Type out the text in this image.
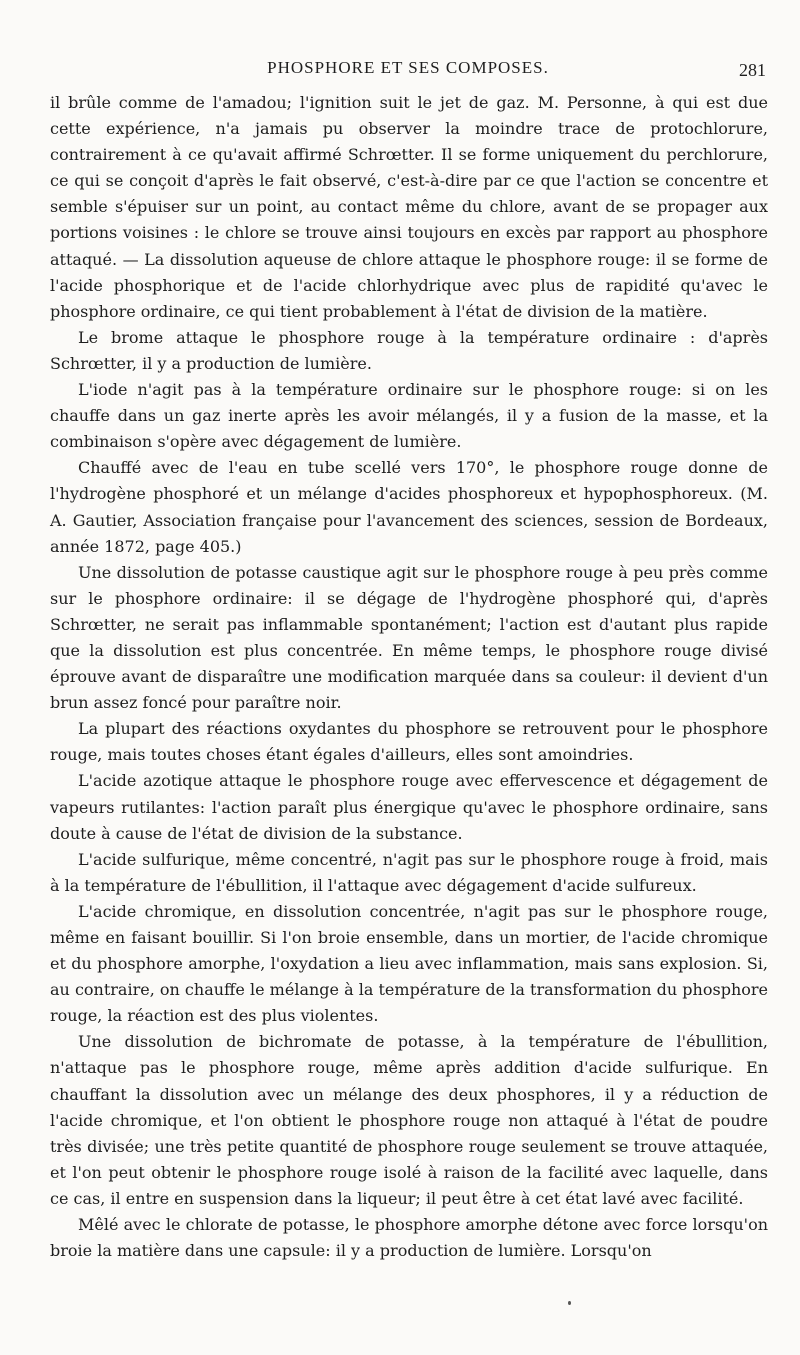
PHOSPHORE ET SES COMPOSES.	281

il brûle comme de l'amadou; l'ignition suit le jet de gaz. M. Personne, à qui est due cette expérience, n'a jamais pu observer la moindre trace de protochlorure, contrairement à ce qu'avait affirmé Schrœtter. Il se forme uniquement du perchlorure, ce qui se conçoit d'après le fait observé, c'est-à-dire par ce que l'action se concentre et semble s'épuiser sur un point, au contact même du chlore, avant de se propager aux portions voisines : le chlore se trouve ainsi toujours en excès par rapport au phosphore attaqué. — La dissolution aqueuse de chlore attaque le phosphore rouge: il se forme de l'acide phosphorique et de l'acide chlorhydrique avec plus de rapidité qu'avec le phosphore ordinaire, ce qui tient probablement à l'état de division de la matière.

Le brome attaque le phosphore rouge à la température ordinaire : d'après Schrœtter, il y a production de lumière.

L'iode n'agit pas à la température ordinaire sur le phosphore rouge: si on les chauffe dans un gaz inerte après les avoir mélangés, il y a fusion de la masse, et la combinaison s'opère avec dégagement de lumière.

Chauffé avec de l'eau en tube scellé vers 170°, le phosphore rouge donne de l'hydrogène phosphoré et un mélange d'acides phosphoreux et hypophosphoreux. (M. A. Gautier, Association française pour l'avancement des sciences, session de Bordeaux, année 1872, page 405.)

Une dissolution de potasse caustique agit sur le phosphore rouge à peu près comme sur le phosphore ordinaire: il se dégage de l'hydrogène phosphoré qui, d'après Schrœtter, ne serait pas inflammable spontanément; l'action est d'autant plus rapide que la dissolution est plus concentrée. En même temps, le phosphore rouge divisé éprouve avant de disparaître une modification marquée dans sa couleur: il devient d'un brun assez foncé pour paraître noir.

La plupart des réactions oxydantes du phosphore se retrouvent pour le phosphore rouge, mais toutes choses étant égales d'ailleurs, elles sont amoindries.

L'acide azotique attaque le phosphore rouge avec effervescence et dégagement de vapeurs rutilantes: l'action paraît plus énergique qu'avec le phosphore ordinaire, sans doute à cause de l'état de division de la substance.

L'acide sulfurique, même concentré, n'agit pas sur le phosphore rouge à froid, mais à la température de l'ébullition, il l'attaque avec dégagement d'acide sulfureux.

L'acide chromique, en dissolution concentrée, n'agit pas sur le phosphore rouge, même en faisant bouillir. Si l'on broie ensemble, dans un mortier, de l'acide chromique et du phosphore amorphe, l'oxydation a lieu avec inflammation, mais sans explosion. Si, au contraire, on chauffe le mélange à la température de la transformation du phosphore rouge, la réaction est des plus violentes.

Une dissolution de bichromate de potasse, à la température de l'ébullition, n'attaque pas le phosphore rouge, même après addition d'acide sulfurique. En chauffant la dissolution avec un mélange des deux phosphores, il y a réduction de l'acide chromique, et l'on obtient le phosphore rouge non attaqué à l'état de poudre très divisée; une très petite quantité de phosphore rouge seulement se trouve attaquée, et l'on peut obtenir le phosphore rouge isolé à raison de la facilité avec laquelle, dans ce cas, il entre en suspension dans la liqueur; il peut être à cet état lavé avec facilité.

Mêlé avec le chlorate de potasse, le phosphore amorphe détone avec force lorsqu'on broie la matière dans une capsule: il y a production de lumière. Lorsqu'on
